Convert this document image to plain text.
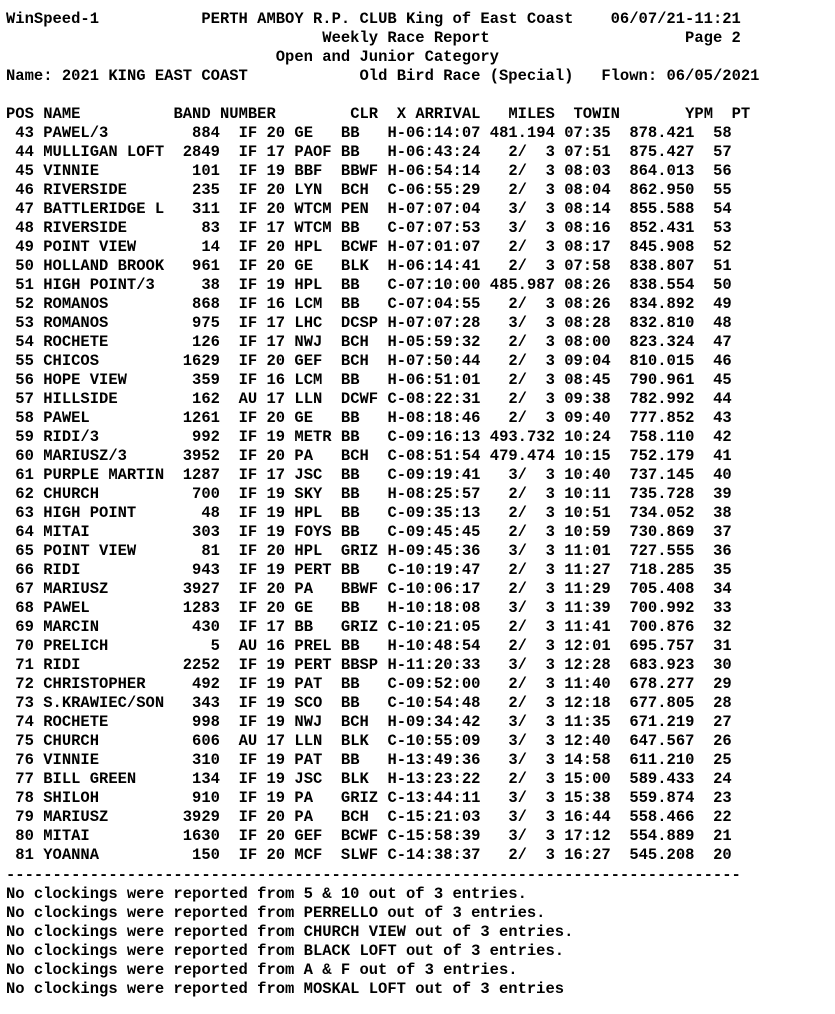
WinSpeed-1	PERTH AMBOY R.P. CLUB King of East Coast 06/07/21-11:21
Weekly Race Report	Page 2
Open and Junior Category
Name: 2021 KING EAST COAST	Old Bird Race (Special) Flown: 06/05/2021
POS NAME	BAND NUMBER	CLR X ARRIVAL MILES TOWIN	YPM PT
43 PAWEL/3         884 IF 20 GE   BB   H-06:14:07 481.194 07:35 878.421 58
44 MULLIGAN LOFT  2849 IF 17 PAOF BB   H-06:43:24   2/  3 07:51 875.427 57
45 VINNIE          101 IF 19 BBF  BBWF H-06:54:14   2/  3 08:03 864.013 56
46 RIVERSIDE       235 IF 20 LYN  BCH  C-06:55:29   2/  3 08:04 862.950 55
47 BATTLERIDGE L   311 IF 20 WTCM PEN  H-07:07:04   3/  3 08:14 855.588 54
48 RIVERSIDE        83 IF 17 WTCM BB   C-07:07:53   3/  3 08:16 852.431 53
49 POINT VIEW       14 IF 20 HPL  BCWF H-07:01:07   2/  3 08:17 845.908 52
50 HOLLAND BROOK   961 IF 20 GE   BLK  H-06:14:41   2/  3 07:58 838.807 51
51 HIGH POINT/3     38 IF 19 HPL  BB   C-07:10:00 485.987 08:26 838.554 50
52 ROMANOS         868 IF 16 LCM  BB   C-07:04:55   2/  3 08:26 834.892 49
53 ROMANOS         975 IF 17 LHC  DCSP H-07:07:28   3/  3 08:28 832.810 48
54 ROCHETE         126 IF 17 NWJ  BCH  H-05:59:32   2/  3 08:00 823.324 47
55 CHICOS         1629 IF 20 GEF  BCH  H-07:50:44   2/  3 09:04 810.015 46
56 HOPE VIEW       359 IF 16 LCM  BB   H-06:51:01   2/  3 08:45 790.961 45
57 HILLSIDE        162 AU 17 LLN  DCWF C-08:22:31   2/  3 09:38 782.992 44
58 PAWEL          1261 IF 20 GE   BB   H-08:18:46   2/  3 09:40 777.852 43
59 RIDI/3          992 IF 19 METR BB   C-09:16:13 493.732 10:24 758.110 42
60 MARIUSZ/3      3952 IF 20 PA   BCH  C-08:51:54 479.474 10:15 752.179 41
61 PURPLE MARTIN  1287 IF 17 JSC  BB   C-09:19:41   3/  3 10:40 737.145 40
62 CHURCH          700 IF 19 SKY  BB   H-08:25:57   2/  3 10:11 735.728 39
63 HIGH POINT       48 IF 19 HPL  BB   C-09:35:13   2/  3 10:51 734.052 38
64 MITAI           303 IF 19 FOYS BB   C-09:45:45   2/  3 10:59 730.869 37
65 POINT VIEW       81 IF 20 HPL  GRIZ H-09:45:36   3/  3 11:01 727.555 36
66 RIDI            943 IF 19 PERT BB   C-10:19:47   2/  3 11:27 718.285 35
67 MARIUSZ        3927 IF 20 PA   BBWF C-10:06:17   2/  3 11:29 705.408 34
68 PAWEL          1283 IF 20 GE   BB   H-10:18:08   3/  3 11:39 700.992 33
69 MARCIN          430 IF 17 BB   GRIZ C-10:21:05   2/  3 11:41 700.876 32
70 PRELICH           5 AU 16 PREL BB   H-10:48:54   2/  3 12:01 695.757 31
71 RIDI           2252 IF 19 PERT BBSP H-11:20:33   3/  3 12:28 683.923 30
72 CHRISTOPHER     492 IF 19 PAT  BB   C-09:52:00   2/  3 11:40 678.277 29
73 S.KRAWIEC/SON   343 IF 19 SCO  BB   C-10:54:48   2/  3 12:18 677.805 28
74 ROCHETE         998 IF 19 NWJ  BCH  H-09:34:42   3/  3 11:35 671.219 27
75 CHURCH          606 AU 17 LLN  BLK  C-10:55:09   3/  3 12:40 647.567 26
76 VINNIE          310 IF 19 PAT  BB   H-13:49:36   3/  3 14:58 611.210 25
77 BILL GREEN      134 IF 19 JSC  BLK  H-13:23:22   2/  3 15:00 589.433 24
78 SHILOH          910 IF 19 PA   GRIZ C-13:44:11   3/  3 15:38 559.874 23
79 MARIUSZ        3929 IF 20 PA   BCH  C-15:21:03   3/  3 16:44 558.466 22
80 MITAI          1630 IF 20 GEF  BCWF C-15:58:39   3/  3 17:12 554.889 21
81 YOANNA          150 IF 20 MCF  SLWF C-14:38:37   2/  3 16:27 545.208 20
-------------------------------------------------------------------------------
No clockings were reported from 5 & 10 out of 3 entries.
No clockings were reported from PERRELLO out of 3 entries.
No clockings were reported from CHURCH VIEW out of 3 entries.
No clockings were reported from BLACK LOFT out of 3 entries.
No clockings were reported from A & F out of 3 entries.
No clockings were reported from MOSKAL LOFT out of 3 entries
